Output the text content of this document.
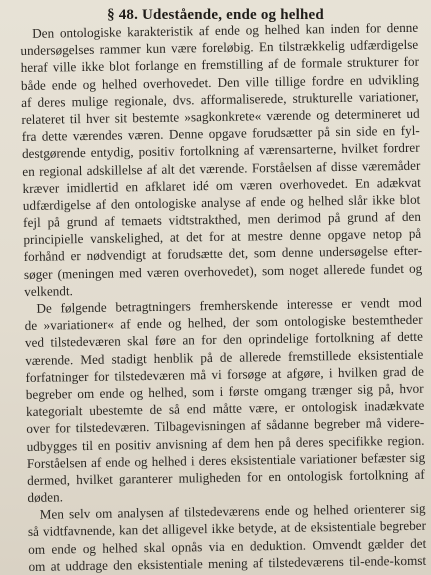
§ 48. Udestående, ende og helhed
Den ontologiske karakteristik af ende og helhed kan inden for denne
undersøgelses rammer kun være foreløbig. En tilstrækkelig udfærdigelse
heraf ville ikke blot forlange en fremstilling af de formale strukturer for
både ende og helhed overhovedet. Den ville tillige fordre en udvikling
af deres mulige regionale, dvs. afformaliserede, strukturelle variationer,
relateret til hver sit bestemte »sagkonkrete« værende og determineret ud
fra dette værendes væren. Denne opgave forudsætter på sin side en fyl-
destgørende entydig, positiv fortolkning af værensarterne, hvilket fordrer
en regional adskillelse af alt det værende. Forståelsen af disse væremåder
kræver imidlertid en afklaret idé om væren overhovedet. En adækvat
udfærdigelse af den ontologiske analyse af ende og helhed slår ikke blot
fejl på grund af temaets vidtstrakthed, men derimod på grund af den
principielle vanskelighed, at det for at mestre denne opgave netop på
forhånd er nødvendigt at forudsætte det, som denne undersøgelse efter-
søger (meningen med væren overhovedet), som noget allerede fundet og
velkendt.
De følgende betragtningers fremherskende interesse er vendt mod
de »variationer« af ende og helhed, der som ontologiske bestemtheder
ved tilstedeværen skal føre an for den oprindelige fortolkning af dette
værende. Med stadigt henblik på de allerede fremstillede eksistentiale
forfatninger for tilstedeværen må vi forsøge at afgøre, i hvilken grad de
begreber om ende og helhed, som i første omgang trænger sig på, hvor
kategorialt ubestemte de så end måtte være, er ontologisk inadækvate
over for tilstedeværen. Tilbagevisningen af sådanne begreber må videre-
udbygges til en positiv anvisning af dem hen på deres specifikke region.
Forståelsen af ende og helhed i deres eksistentiale variationer befæster sig
dermed, hvilket garanterer muligheden for en ontologisk fortolkning af
døden.
Men selv om analysen af tilstedeværens ende og helhed orienterer sig
så vidtfavnende, kan det alligevel ikke betyde, at de eksistentiale begreber
om ende og helhed skal opnås via en deduktion. Omvendt gælder det
om at uddrage den eksistentiale mening af tilstedeværens til-ende-komst
